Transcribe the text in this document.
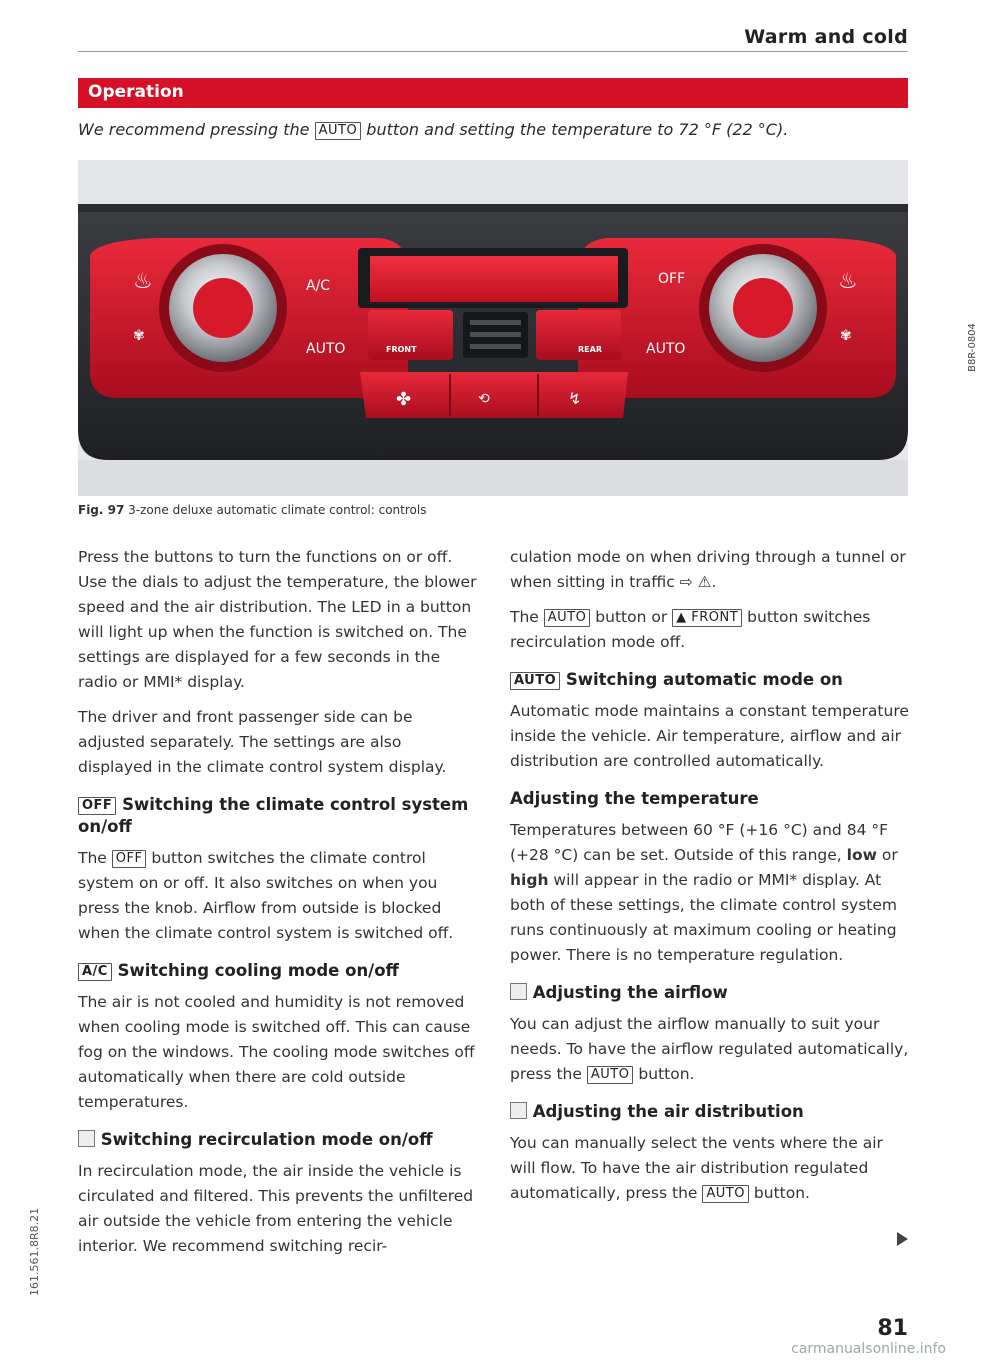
Warm and cold
Operation
We recommend pressing the AUTO button and setting the temperature to 72 °F (22 °C).
♨
✾
♨
✾
A/C
AUTO
OFF
AUTO
FRONT	REAR
✤	⟲	↯
B8R-0804
Fig. 97 3-zone deluxe automatic climate control: controls

Press the buttons to turn the functions on or off. Use the dials to adjust the temperature, the blower speed and the air distribution. The LED in a button will light up when the function is switched on. The settings are displayed for a few seconds in the radio or MMI* display.

The driver and front passenger side can be adjusted separately. The settings are also displayed in the climate control system display.

OFF Switching the climate control system on/off

The OFF button switches the climate control system on or off. It also switches on when you press the knob. Airflow from outside is blocked when the climate control system is switched off.

A/C Switching cooling mode on/off

The air is not cooled and humidity is not removed when cooling mode is switched off. This can cause fog on the windows. The cooling mode switches off automatically when there are cold outside temperatures.

Switching recirculation mode on/off

In recirculation mode, the air inside the vehicle is circulated and filtered. This prevents the unfiltered air outside the vehicle from entering the vehicle interior. We recommend switching recir-

culation mode on when driving through a tunnel or when sitting in traffic ⇨ ⚠.

The AUTO button or ▲ FRONT button switches recirculation mode off.

AUTO Switching automatic mode on

Automatic mode maintains a constant temperature inside the vehicle. Air temperature, airflow and air distribution are controlled automatically.

Adjusting the temperature

Temperatures between 60 °F (+16 °C) and 84 °F (+28 °C) can be set. Outside of this range, low or high will appear in the radio or MMI* display. At both of these settings, the climate control system runs continuously at maximum cooling or heating power. There is no temperature regulation.

Adjusting the airflow

You can adjust the airflow manually to suit your needs. To have the airflow regulated automatically, press the AUTO button.

Adjusting the air distribution

You can manually select the vents where the air will flow. To have the air distribution regulated automatically, press the AUTO button.

161.561.8R8.21
81
carmanualsonline.info
